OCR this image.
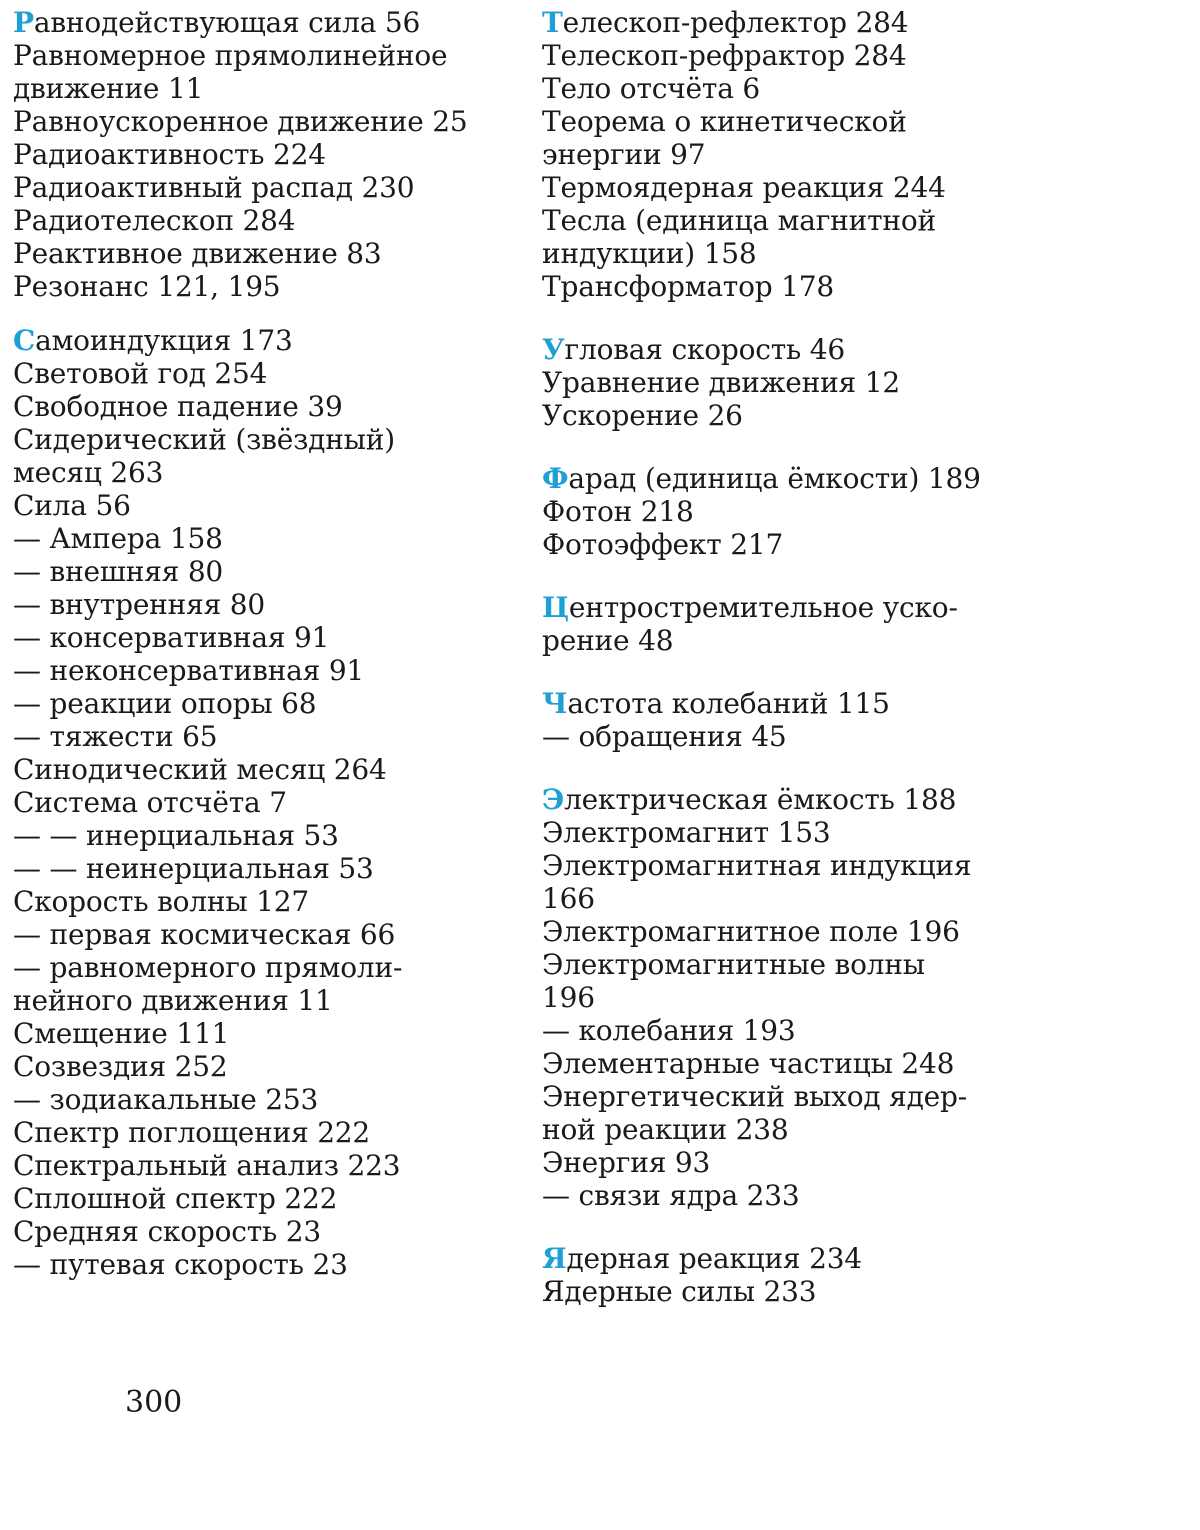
Равнодействующая сила 56
Равномерное прямолинейное
движение 11
Равноускоренное движение 25
Радиоактивность 224
Радиоактивный распад 230
Радиотелескоп 284
Реактивное движение 83
Резонанс 121, 195
Самоиндукция 173
Световой год 254
Свободное падение 39
Сидерический (звёздный)
месяц 263
Сила 56
— Ампера 158
— внешняя 80
— внутренняя 80
— консервативная 91
— неконсервативная 91
— реакции опоры 68
— тяжести 65
Синодический месяц 264
Система отсчёта 7
— — инерциальная 53
— — неинерциальная 53
Скорость волны 127
— первая космическая 66
— равномерного прямоли-
нейного движения 11
Смещение 111
Созвездия 252
— зодиакальные 253
Спектр поглощения 222
Спектральный анализ 223
Сплошной спектр 222
Средняя скорость 23
— путевая скорость 23
Телескоп-рефлектор 284
Телескоп-рефрактор 284
Тело отсчёта 6
Теорема о кинетической
энергии 97
Термоядерная реакция 244
Тесла (единица магнитной
индукции) 158
Трансформатор 178
Угловая скорость 46
Уравнение движения 12
Ускорение 26
Фарад (единица ёмкости) 189
Фотон 218
Фотоэффект 217
Центростремительное уско-
рение 48
Частота колебаний 115
— обращения 45
Электрическая ёмкость 188
Электромагнит 153
Электромагнитная индукция
166
Электромагнитное поле 196
Электромагнитные волны
196
— колебания 193
Элементарные частицы 248
Энергетический выход ядер-
ной реакции 238
Энергия 93
— связи ядра 233
Ядерная реакция 234
Ядерные силы 233
300
